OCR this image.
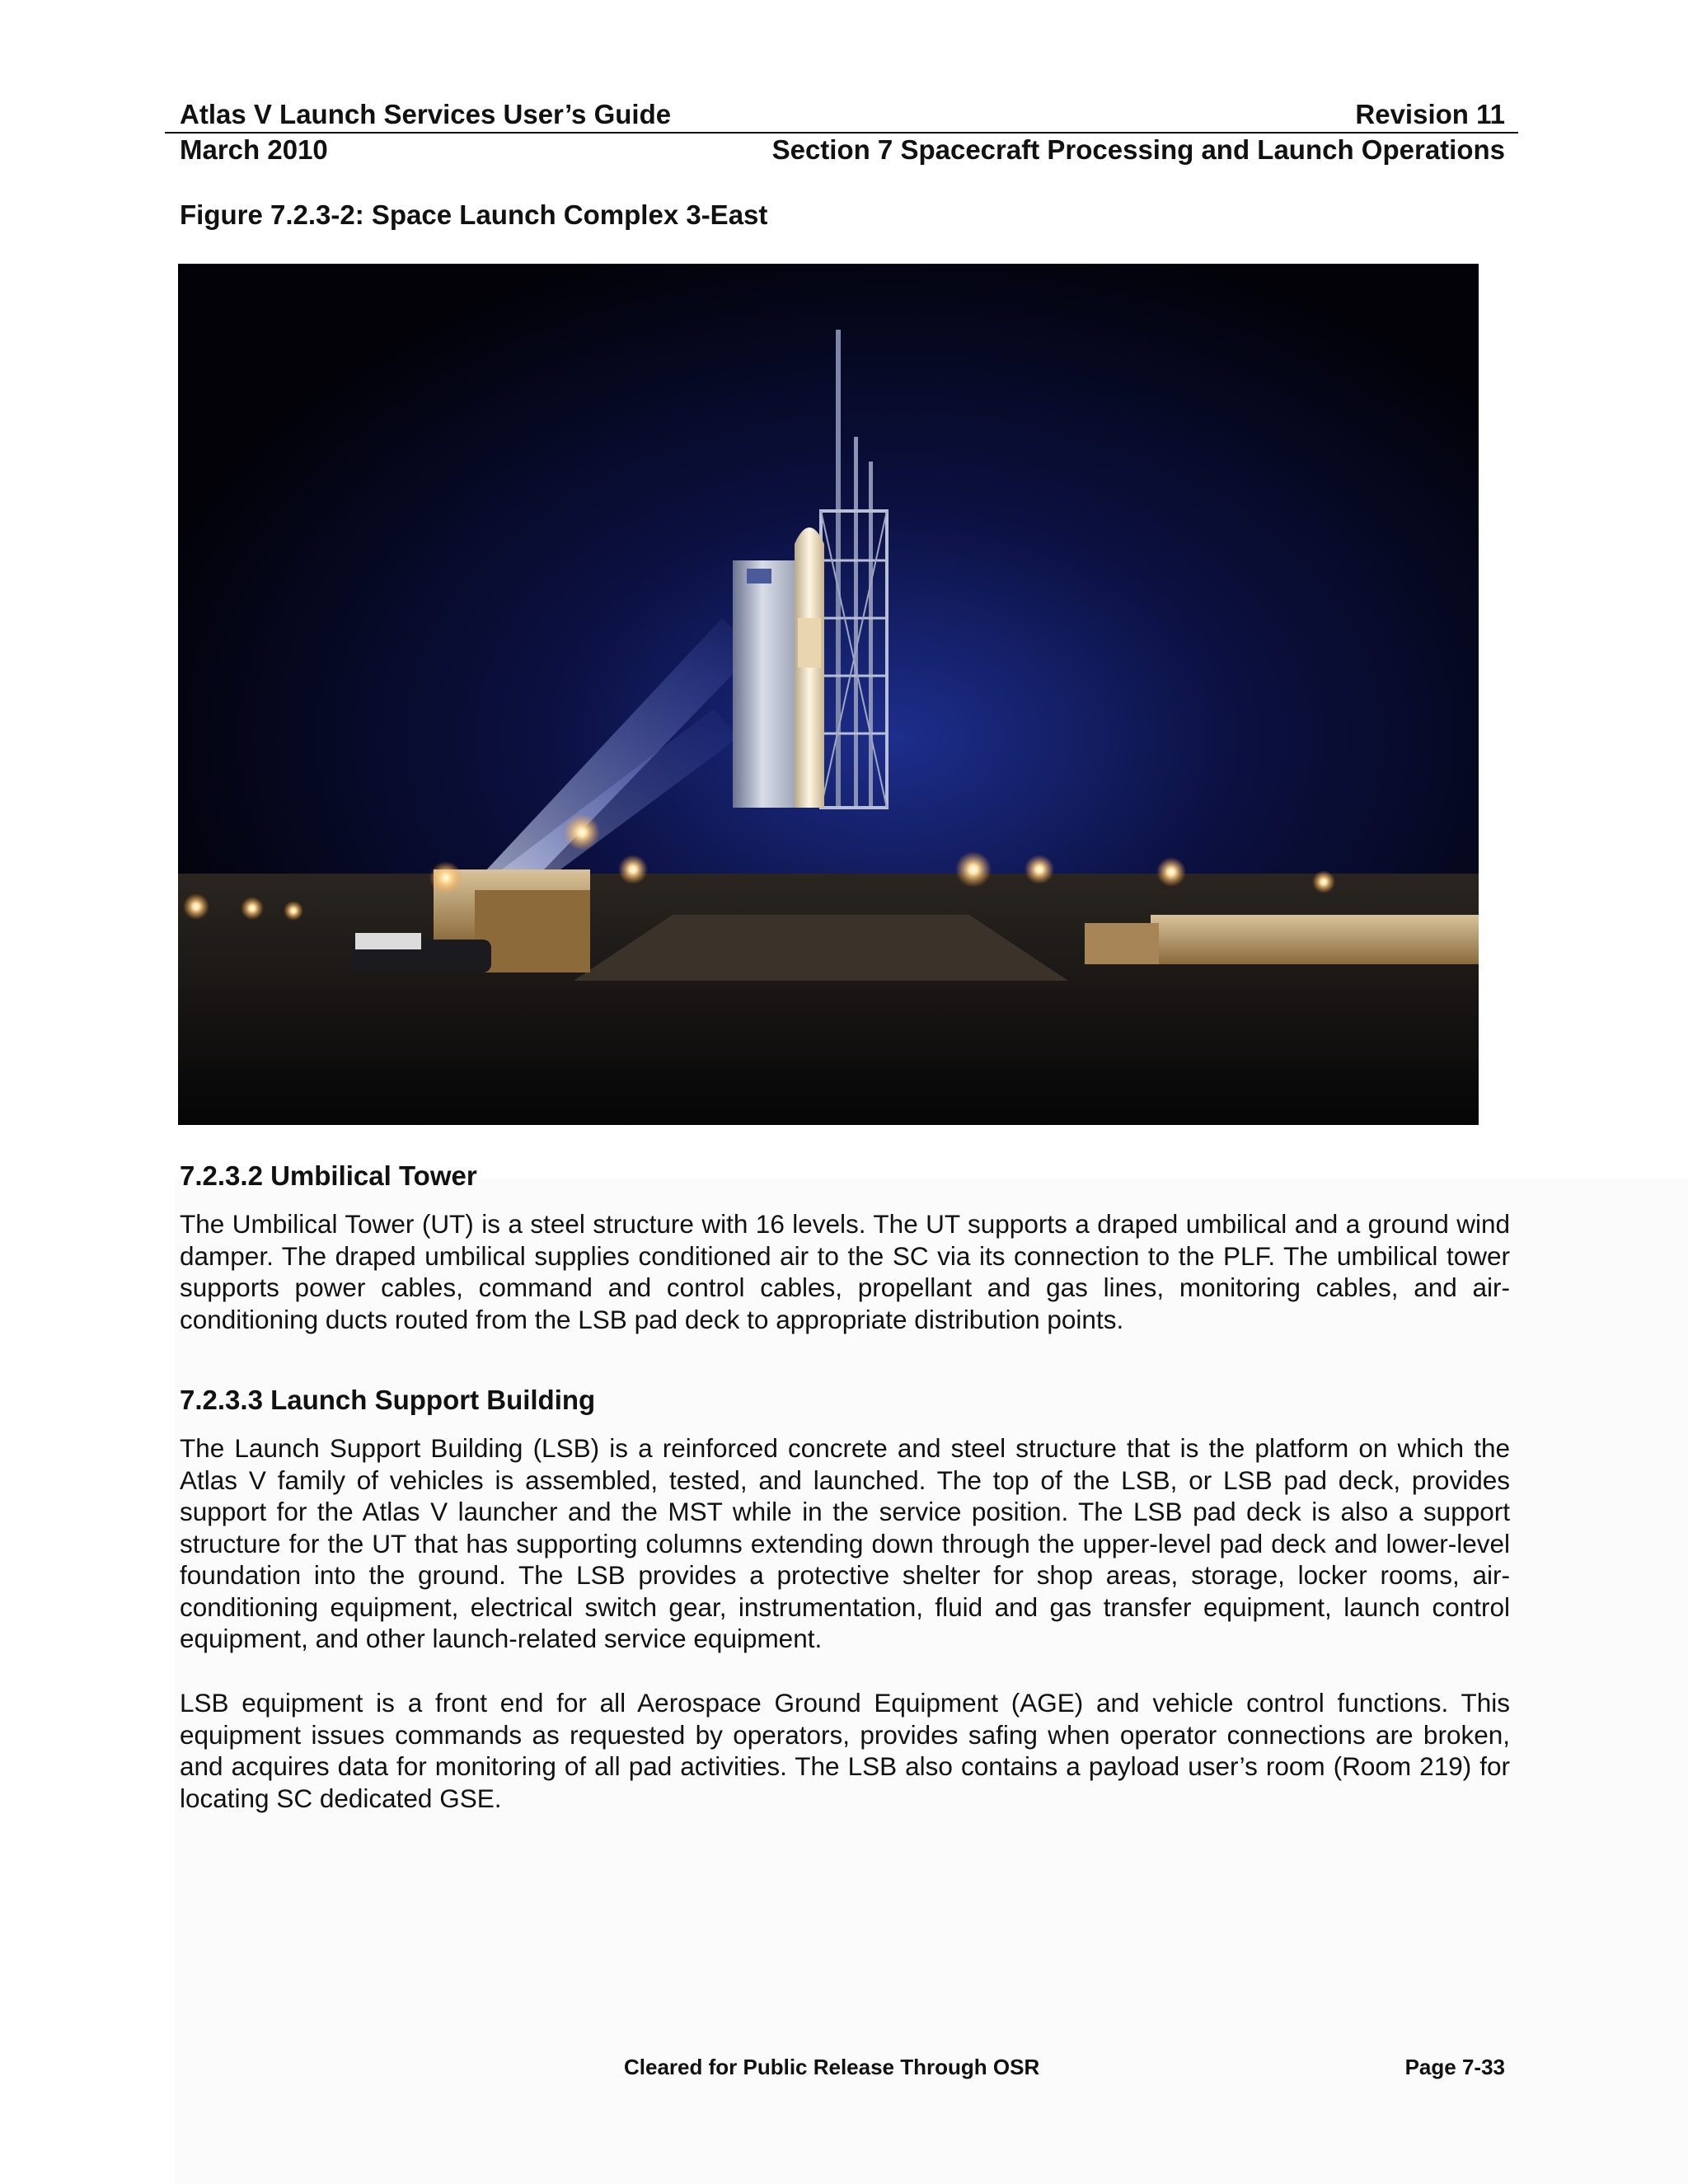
Atlas V Launch Services User’s Guide	Revision 11
March 2010	Section 7 Spacecraft Processing and Launch Operations
Figure 7.2.3-2: Space Launch Complex 3-East
7.2.3.2 Umbilical Tower

The Umbilical Tower (UT) is a steel structure with 16 levels. The UT supports a draped umbilical and a ground wind damper. The draped umbilical supplies conditioned air to the SC via its connection to the PLF. The umbilical tower supports power cables, command and control cables, propellant and gas lines, monitoring cables, and air-conditioning ducts routed from the LSB pad deck to appropriate distribution points.

7.2.3.3 Launch Support Building

The Launch Support Building (LSB) is a reinforced concrete and steel structure that is the platform on which the Atlas V family of vehicles is assembled, tested, and launched. The top of the LSB, or LSB pad deck, provides support for the Atlas V launcher and the MST while in the service position. The LSB pad deck is also a support structure for the UT that has supporting columns extending down through the upper-level pad deck and lower-level foundation into the ground. The LSB provides a protective shelter for shop areas, storage, locker rooms, air-conditioning equipment, electrical switch gear, instrumentation, fluid and gas transfer equipment, launch control equipment, and other launch-related service equipment.

LSB equipment is a front end for all Aerospace Ground Equipment (AGE) and vehicle control functions. This equipment issues commands as requested by operators, provides safing when operator connections are broken, and acquires data for monitoring of all pad activities. The LSB also contains a payload user’s room (Room 219) for locating SC dedicated GSE.

Cleared for Public Release Through OSR	Page 7-33
